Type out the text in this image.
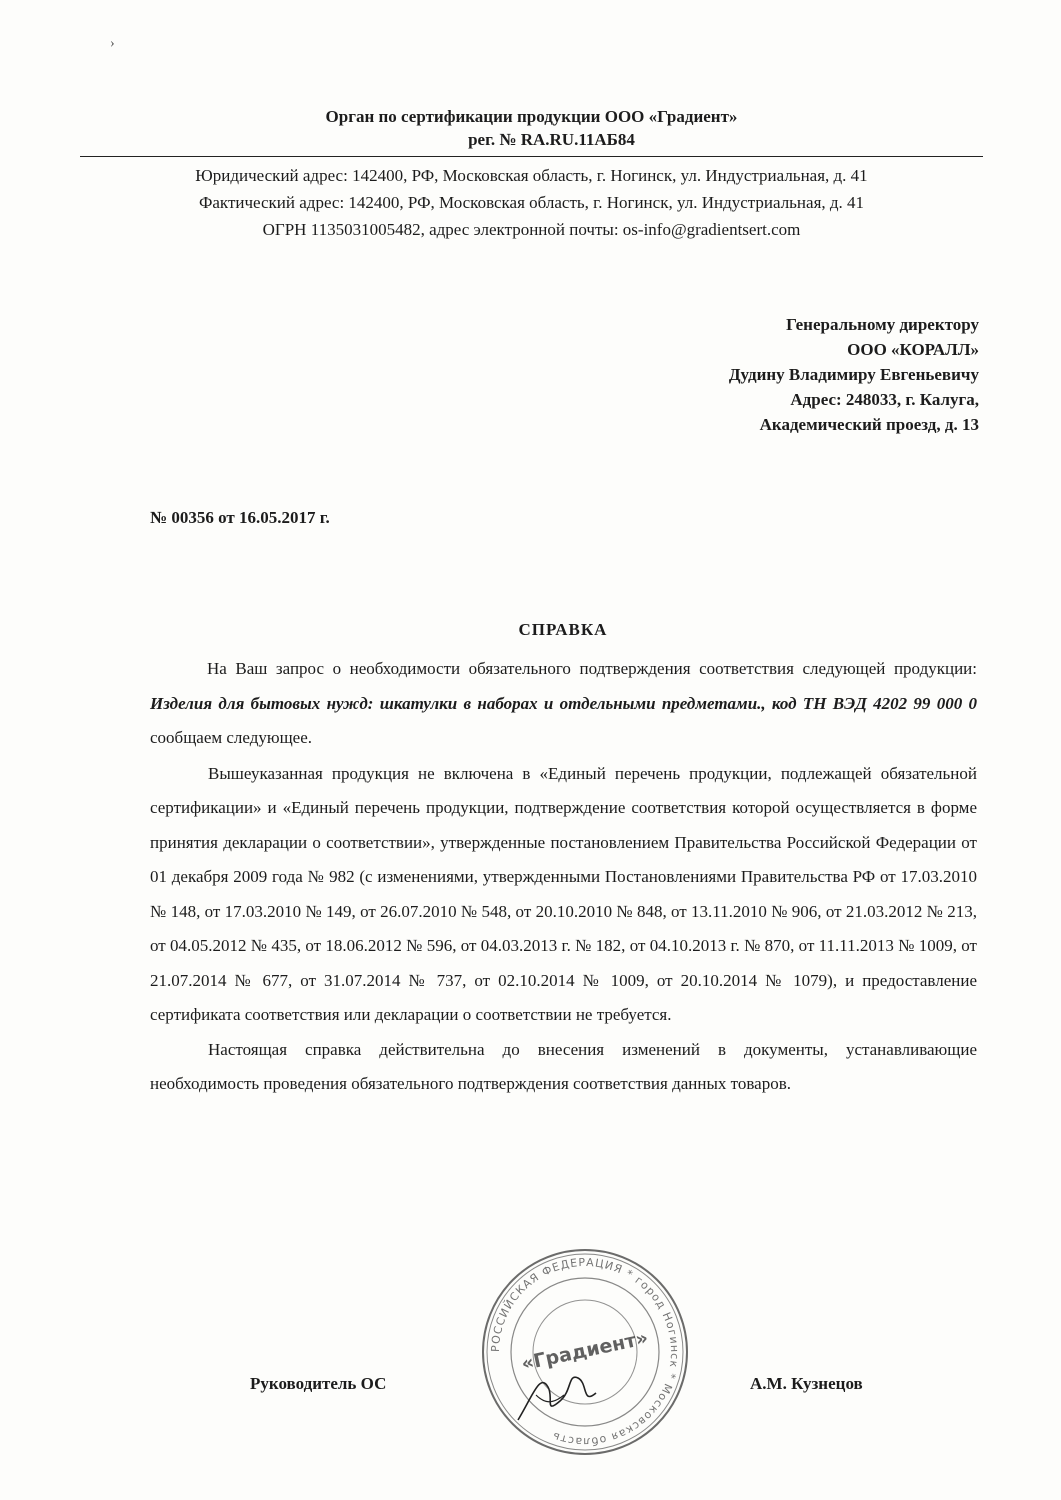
›
Орган по сертификации продукции ООО «Градиент»
рег. № RA.RU.11АБ84
Юридический адрес: 142400, РФ, Московская область, г. Ногинск, ул. Индустриальная, д. 41
Фактический адрес: 142400, РФ, Московская область, г. Ногинск, ул. Индустриальная, д. 41
ОГРН 1135031005482, адрес электронной почты: os-info@gradientsert.com
Генеральному директору
ООО «КОРАЛЛ»
Дудину Владимиру Евгеньевичу
Адрес: 248033, г. Калуга,
Академический проезд, д. 13
№ 00356 от 16.05.2017 г.
СПРАВКА

На Ваш запрос о необходимости обязательного подтверждения соответствия следующей продукции: Изделия для бытовых нужд: шкатулки в наборах и отдельными предметами., код ТН ВЭД 4202 99 000 0 сообщаем следующее.

Вышеуказанная продукция не включена в «Единый перечень продукции, подлежащей обязательной сертификации» и «Единый перечень продукции, подтверждение соответствия которой осуществляется в форме принятия декларации о соответствии», утвержденные постановлением Правительства Российской Федерации от 01 декабря 2009 года № 982 (с изменениями, утвержденными Постановлениями Правительства РФ от 17.03.2010 № 148, от 17.03.2010 № 149, от 26.07.2010 № 548, от 20.10.2010 № 848, от 13.11.2010 № 906, от 21.03.2012 № 213, от 04.05.2012 № 435, от 18.06.2012 № 596, от 04.03.2013 г. № 182, от 04.10.2013 г. № 870, от 11.11.2013 № 1009, от 21.07.2014 № 677, от 31.07.2014 № 737, от 02.10.2014 № 1009, от 20.10.2014 № 1079), и предоставление сертификата соответствия или декларации о соответствии не требуется.

Настоящая справка действительна до внесения изменений в документы, устанавливающие необходимость проведения обязательного подтверждения соответствия данных товаров.

Руководитель ОС
РОССИЙСКАЯ ФЕДЕРАЦИЯ * город Ногинск * Московская область
«Градиент»
А.М. Кузнецов
